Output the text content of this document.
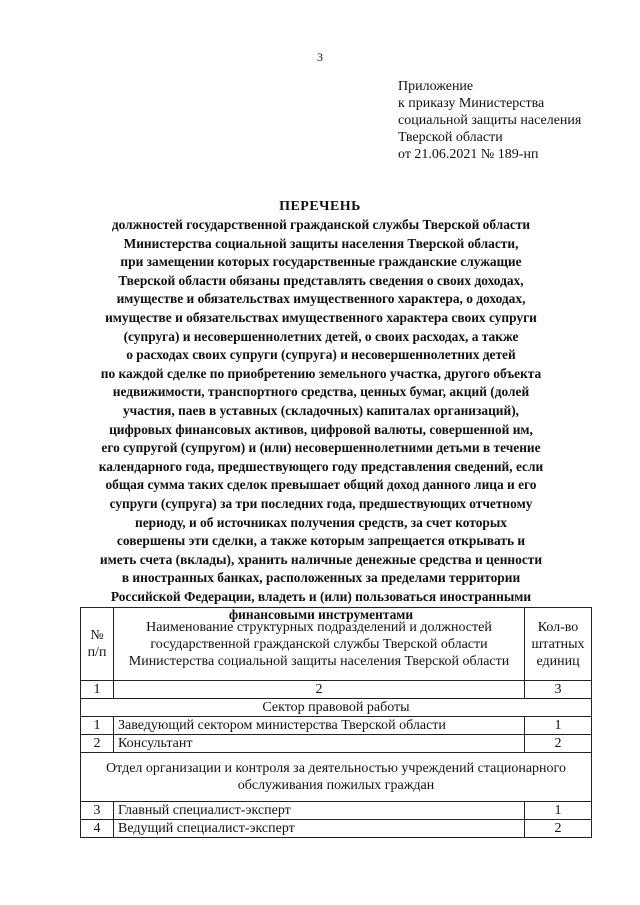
3
Приложение
к приказу Министерства
социальной защиты населения
Тверской области
от 21.06.2021 № 189-нп
ПЕРЕЧЕНЬ
должностей государственной гражданской службы Тверской области
Министерства социальной защиты населения Тверской области,
при замещении которых государственные гражданские служащие
Тверской области обязаны представлять сведения о своих доходах,
имуществе и обязательствах имущественного характера, о доходах,
имуществе и обязательствах имущественного характера своих супруги
(супруга) и несовершеннолетних детей, о своих расходах, а также
о расходах своих супруги (супруга) и несовершеннолетних детей
по каждой сделке по приобретению земельного участка, другого объекта
недвижимости, транспортного средства, ценных бумаг, акций (долей
участия, паев в уставных (складочных) капиталах организаций),
цифровых финансовых активов, цифровой валюты, совершенной им,
его супругой (супругом) и (или) несовершеннолетними детьми в течение
календарного года, предшествующего году представления сведений, если
общая сумма таких сделок превышает общий доход данного лица и его
супруги (супруга) за три последних года, предшествующих отчетному
периоду, и об источниках получения средств, за счет которых
совершены эти сделки, а также которым запрещается открывать и
иметь счета (вклады), хранить наличные денежные средства и ценности
в иностранных банках, расположенных за пределами территории
Российской Федерации, владеть и (или) пользоваться иностранными
финансовыми инструментами
№ п/п	Наименование структурных подразделений и должностей государственной гражданской службы Тверской области Министерства социальной защиты населения Тверской области	Кол-во штатных единиц
1	2	3
Сектор правовой работы		
1	Заведующий сектором министерства Тверской области	1
2	Консультант	2
Отдел организации и контроля за деятельностью учреждений стационарного обслуживания пожилых граждан		
3	Главный специалист-эксперт	1
4	Ведущий специалист-эксперт	2
